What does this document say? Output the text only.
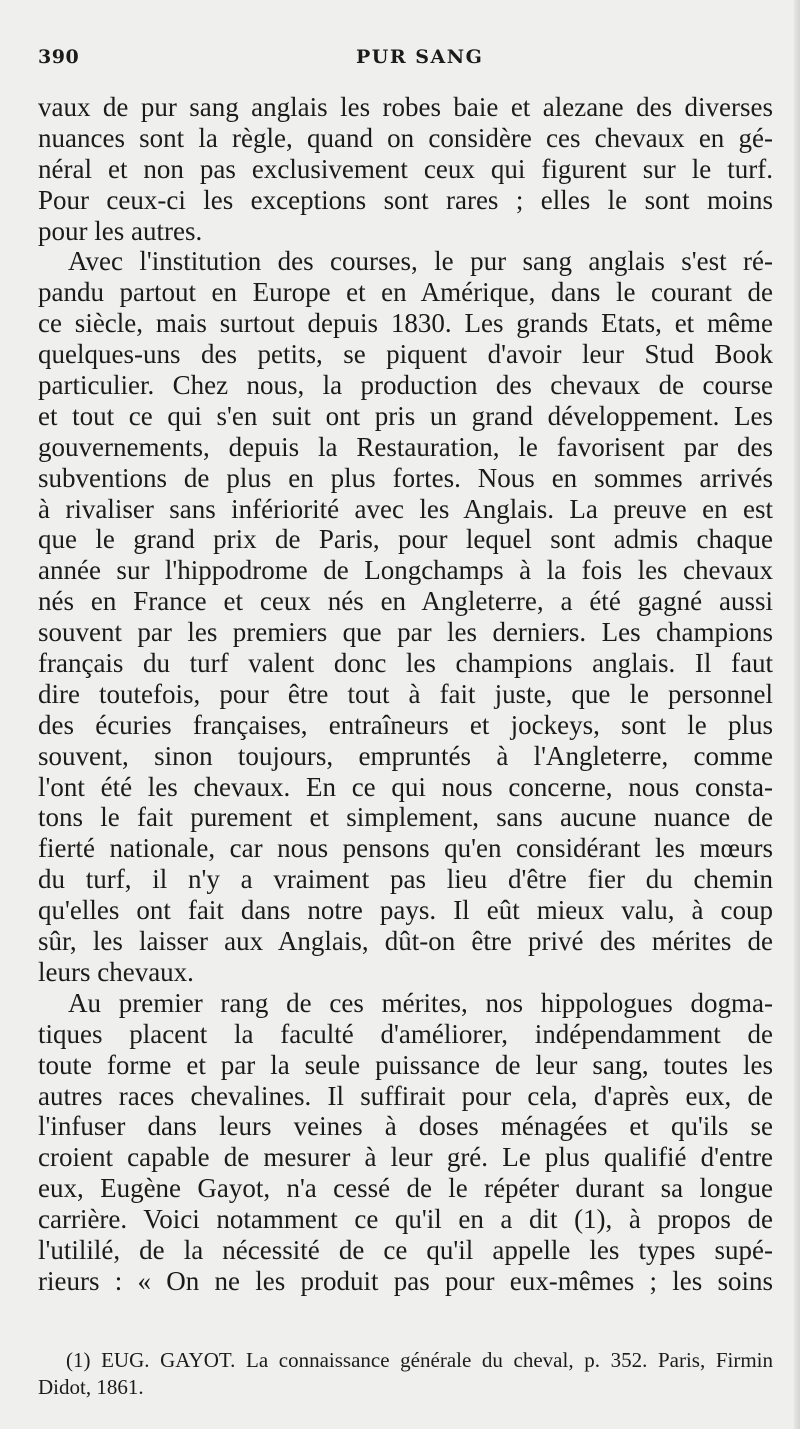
390	PUR SANG
vaux de pur sang anglais les robes baie et alezane des diverses
nuances sont la règle, quand on considère ces chevaux en gé-
néral et non pas exclusivement ceux qui figurent sur le turf.
Pour ceux-ci les exceptions sont rares ; elles le sont moins
pour les autres.
Avec l'institution des courses, le pur sang anglais s'est ré-
pandu partout en Europe et en Amérique, dans le courant de
ce siècle, mais surtout depuis 1830. Les grands Etats, et même
quelques-uns des petits, se piquent d'avoir leur Stud Book
particulier. Chez nous, la production des chevaux de course
et tout ce qui s'en suit ont pris un grand développement. Les
gouvernements, depuis la Restauration, le favorisent par des
subventions de plus en plus fortes. Nous en sommes arrivés
à rivaliser sans infériorité avec les Anglais. La preuve en est
que le grand prix de Paris, pour lequel sont admis chaque
année sur l'hippodrome de Longchamps à la fois les chevaux
nés en France et ceux nés en Angleterre, a été gagné aussi
souvent par les premiers que par les derniers. Les champions
français du turf valent donc les champions anglais. Il faut
dire toutefois, pour être tout à fait juste, que le personnel
des écuries françaises, entraîneurs et jockeys, sont le plus
souvent, sinon toujours, empruntés à l'Angleterre, comme
l'ont été les chevaux. En ce qui nous concerne, nous consta-
tons le fait purement et simplement, sans aucune nuance de
fierté nationale, car nous pensons qu'en considérant les mœurs
du turf, il n'y a vraiment pas lieu d'être fier du chemin
qu'elles ont fait dans notre pays. Il eût mieux valu, à coup
sûr, les laisser aux Anglais, dût-on être privé des mérites de
leurs chevaux.
Au premier rang de ces mérites, nos hippologues dogma-
tiques placent la faculté d'améliorer, indépendamment de
toute forme et par la seule puissance de leur sang, toutes les
autres races chevalines. Il suffirait pour cela, d'après eux, de
l'infuser dans leurs veines à doses ménagées et qu'ils se
croient capable de mesurer à leur gré. Le plus qualifié d'entre
eux, Eugène Gayot, n'a cessé de le répéter durant sa longue
carrière. Voici notamment ce qu'il en a dit (1), à propos de
l'utililé, de la nécessité de ce qu'il appelle les types supé-
rieurs : « On ne les produit pas pour eux-mêmes ; les soins
(1) EUG. GAYOT. La connaissance générale du cheval, p. 352. Paris, Firmin
Didot, 1861.
